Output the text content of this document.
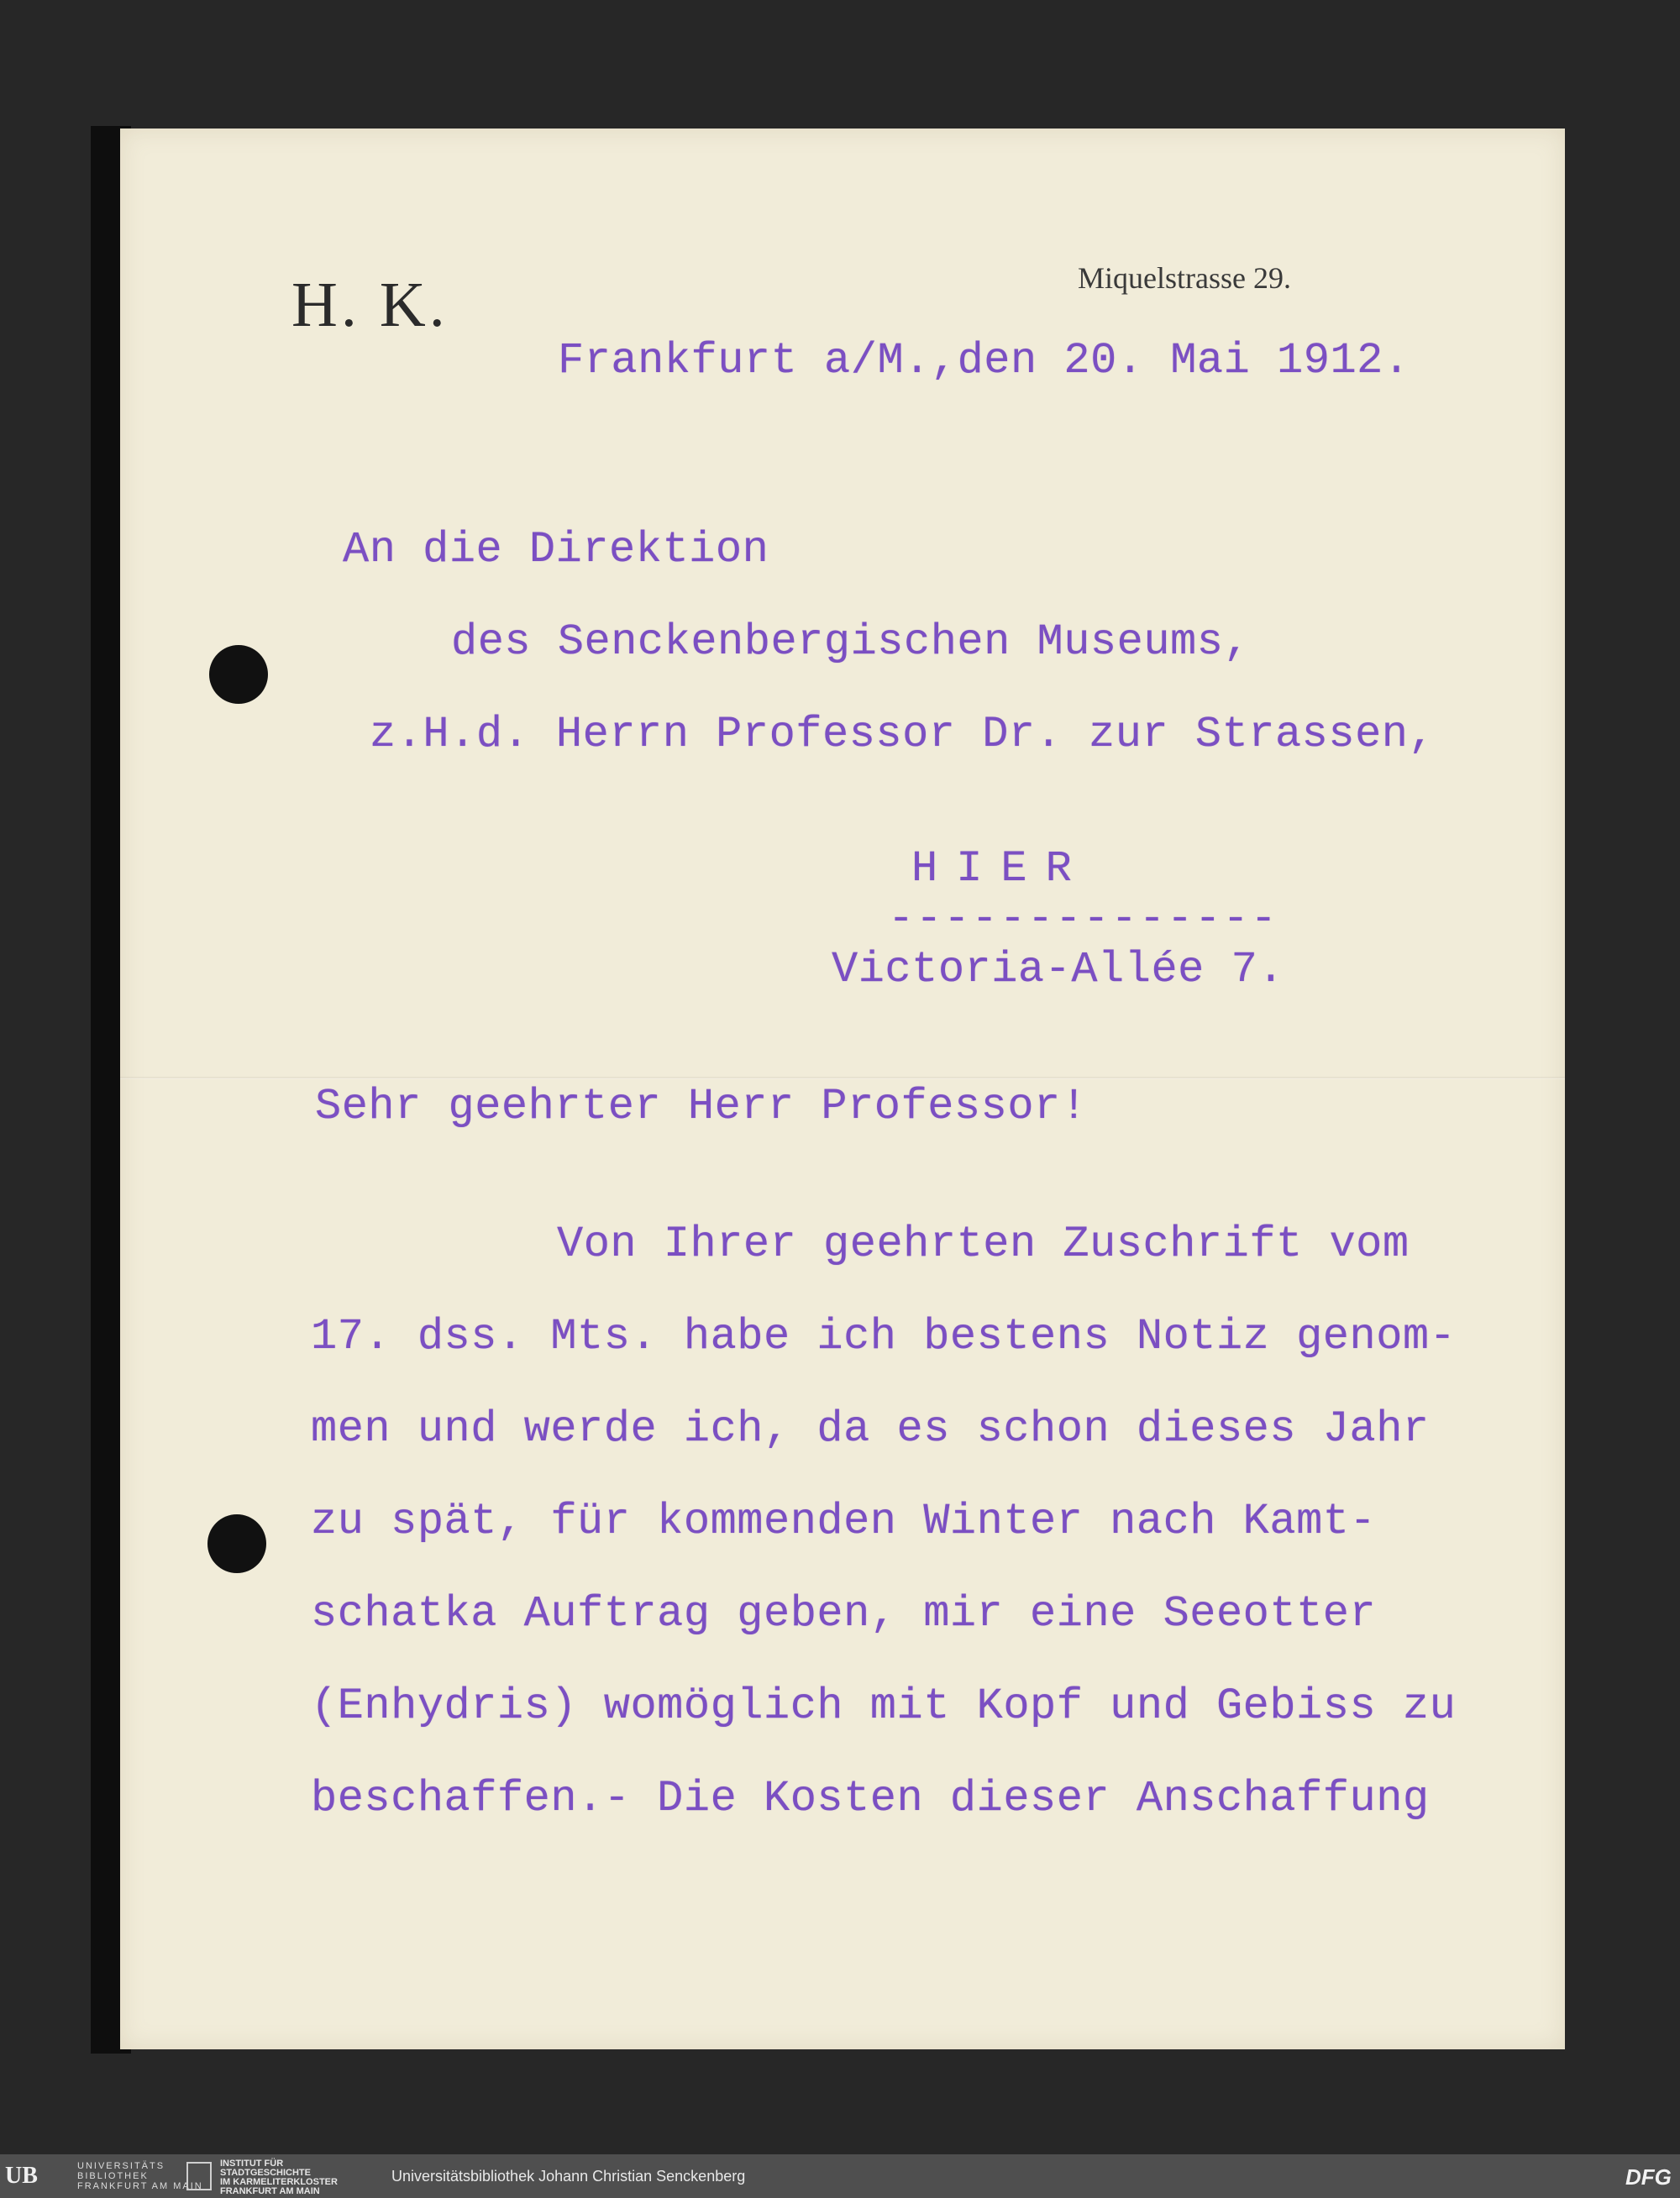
H. K.	Miquelstrasse 29.
Frankfurt a/M.,den 20. Mai 1912.
An die Direktion
des Senckenbergischen Museums,
z.H.d. Herrn Professor Dr. zur Strassen,
HIER
--------------
Victoria-Allée 7.
Sehr geehrter Herr Professor!
Von Ihrer geehrten Zuschrift vom
17. dss. Mts. habe ich bestens Notiz genom-
men und werde ich, da es schon dieses Jahr
zu spät, für kommenden Winter nach Kamt-
schatka Auftrag geben, mir eine Seeotter
(Enhydris) womöglich mit Kopf und Gebiss zu
beschaffen.- Die Kosten dieser Anschaffung
UB	UNIVERSITÄTS
BIBLIOTHEK
FRANKFURT AM MAIN
INSTITUT FÜR
STADTGESCHICHTE
IM KARMELITERKLOSTER
FRANKFURT AM MAIN
Universitätsbibliothek Johann Christian Senckenberg	DFG
